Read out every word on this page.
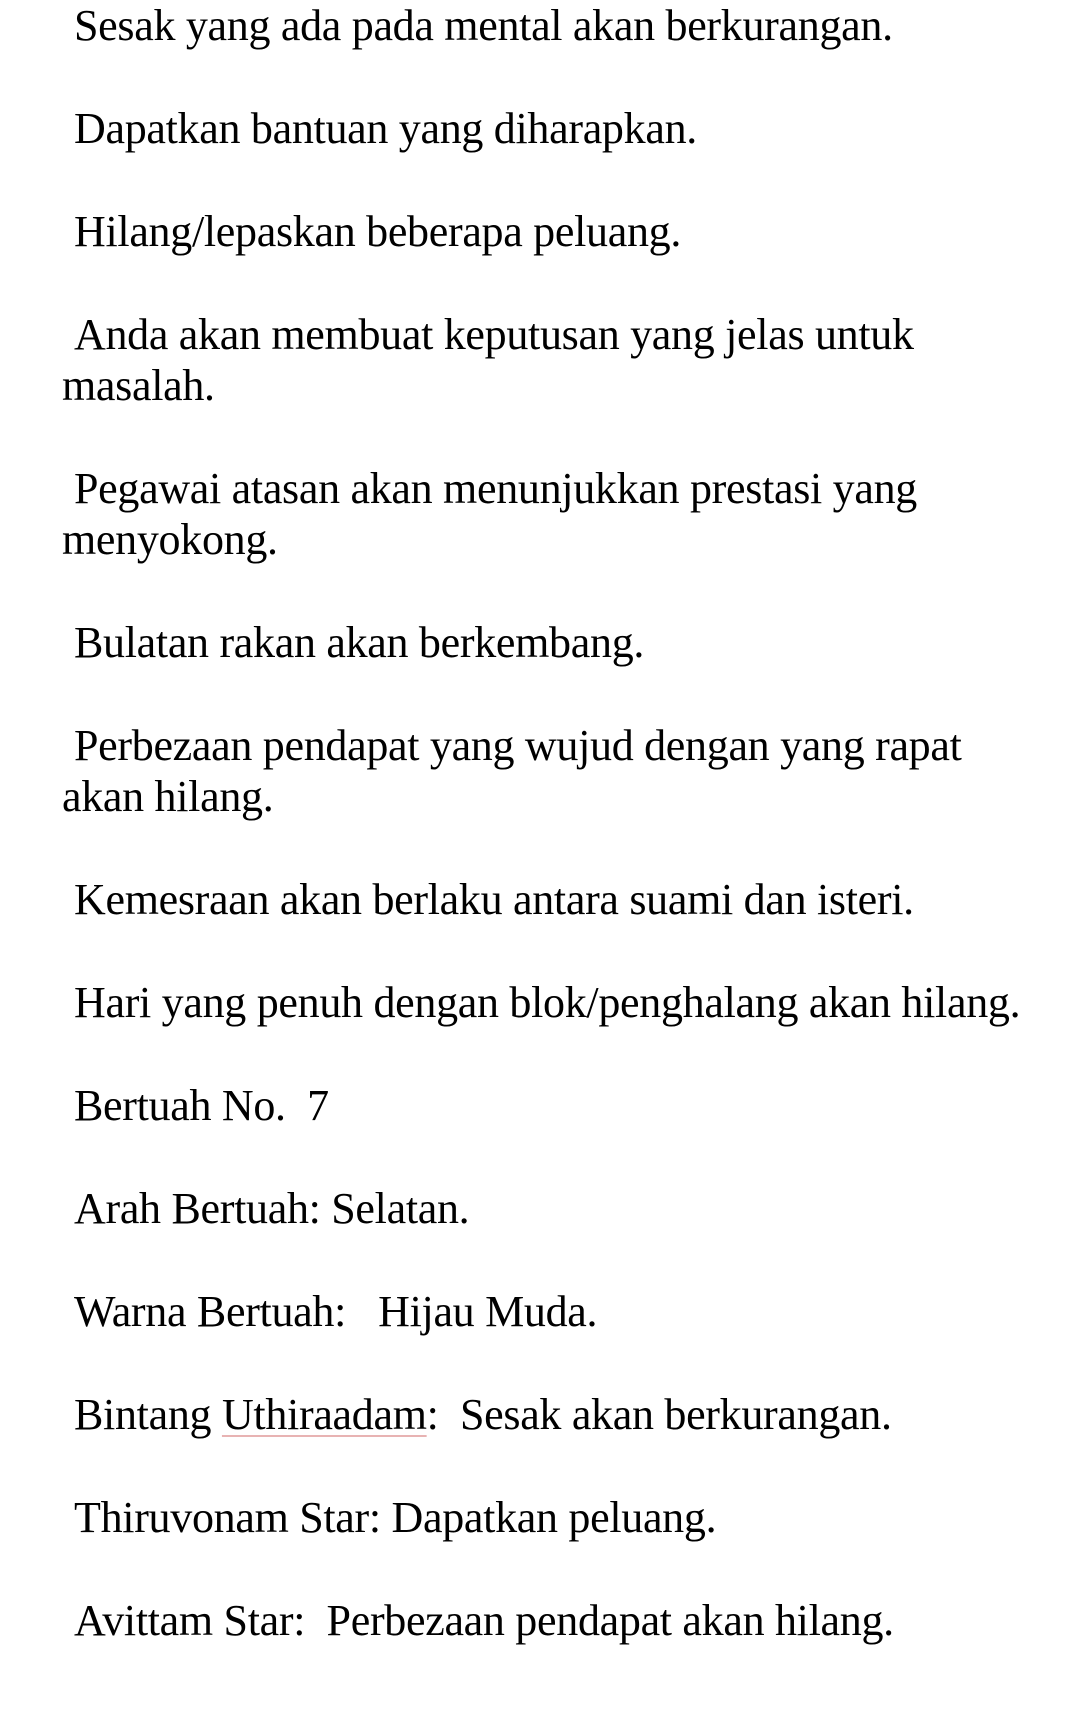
Sesak yang ada pada mental akan berkurangan.

Dapatkan bantuan yang diharapkan.

Hilang/lepaskan beberapa peluang.

Anda akan membuat keputusan yang jelas untuk masalah.

Pegawai atasan akan menunjukkan prestasi yang menyokong.

Bulatan rakan akan berkembang.

Perbezaan pendapat yang wujud dengan yang rapat akan hilang.

Kemesraan akan berlaku antara suami dan isteri.

Hari yang penuh dengan blok/penghalang akan hilang.

Bertuah No.  7

Arah Bertuah: Selatan.

Warna Bertuah:   Hijau Muda.

Bintang Uthiraadam:  Sesak akan berkurangan.

Thiruvonam Star: Dapatkan peluang.

Avittam Star:  Perbezaan pendapat akan hilang.
